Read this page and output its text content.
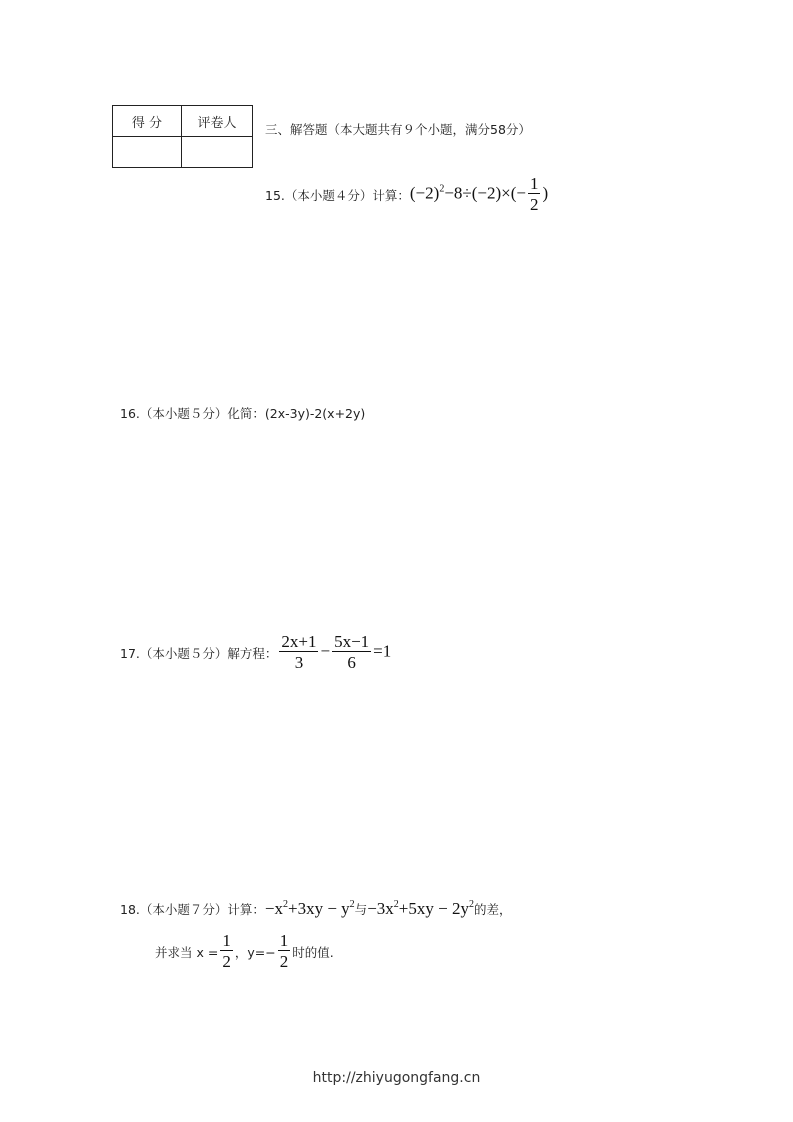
得 分	评卷人
	三、解答题（本大题共有９个小题，满分58分）
15.（本小题４分）计算： $(-2)^2-8\div(-2)\times(- \frac{1}{2}$ )
16.（本小题５分）化简：(2x-3y)-2(x+2y)
17.（本小题５分）解方程： $\frac{2x+1}{3} - \frac{5x-1}{6} =1$
18.（本小题７分）计算： $-x^2+3xy - y^2$ 与 $-3x^2+5xy - 2y^2$ 的差，
并求当 $x = \frac{1}{2}$ ，$y=- \frac{1}{2}$ 时的值.
http://zhiyugongfang.cn
